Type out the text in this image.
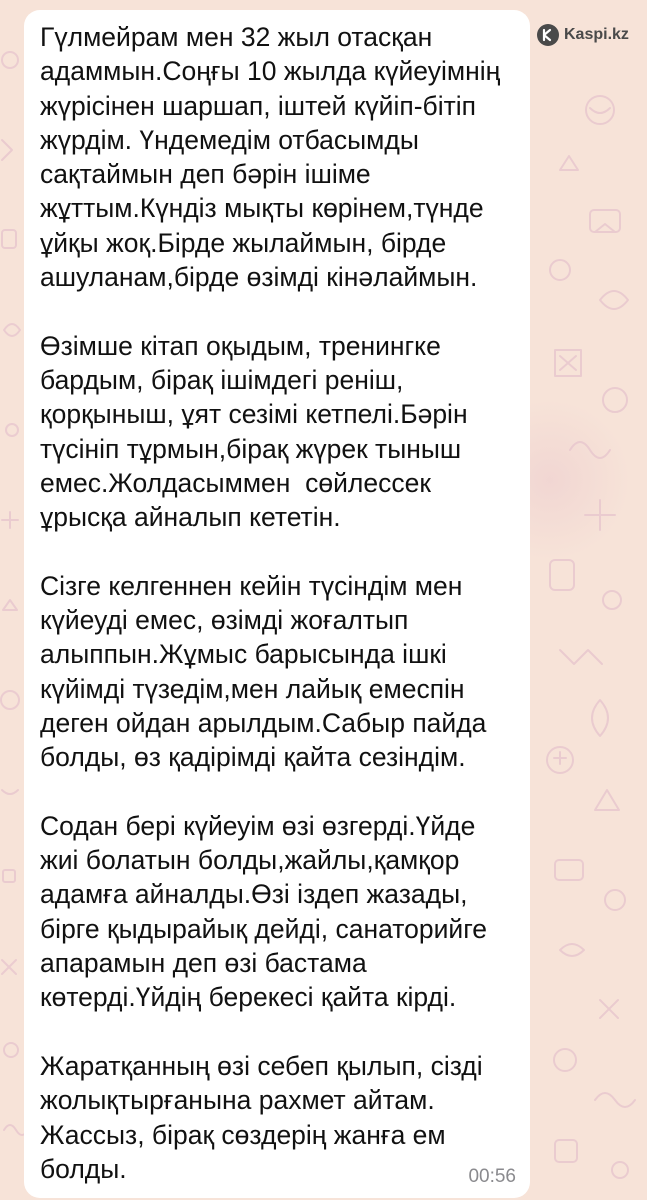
Kaspi.kz
Гүлмейрам мен 32 жыл отасқан
адаммын.Соңғы 10 жылда күйеуімнің
жүрісінен шаршап, іштей күйіп-бітіп
жүрдім. Үндемедім отбасымды
сақтаймын деп бәрін ішіме
жұттым.Күндіз мықты көрінем,түнде
ұйқы жоқ.Бірде жылаймын, бірде
ашуланам,бірде өзімді кінәлаймын.
Өзімше кітап оқыдым, тренингке
бардым, бірақ ішімдегі реніш,
қорқыныш, ұят сезімі кетпелі.Бәрін
түсініп тұрмын,бірақ жүрек тыныш
емес.Жолдасыммен  сөйлессек
ұрысқа айналып кететін.
Сізге келгеннен кейін түсіндім мен
күйеуді емес, өзімді жоғалтып
алыппын.Жұмыс барысында ішкі
күйімді түзедім,мен лайық емеспін
деген ойдан арылдым.Сабыр пайда
болды, өз қадірімді қайта сезіндім.
Содан бері күйеуім өзі өзгерді.Үйде
жиі болатын болды,жайлы,қамқор
адамға айналды.Өзі іздеп жазады,
бірге қыдырайық дейді, санаторийге
апарамын деп өзі бастама
көтерді.Үйдің берекесі қайта кірді.
Жаратқанның өзі себеп қылып, сізді
жолықтырғанына рахмет айтам.
Жассыз, бірақ сөздерің жанға ем
болды.	00:56
